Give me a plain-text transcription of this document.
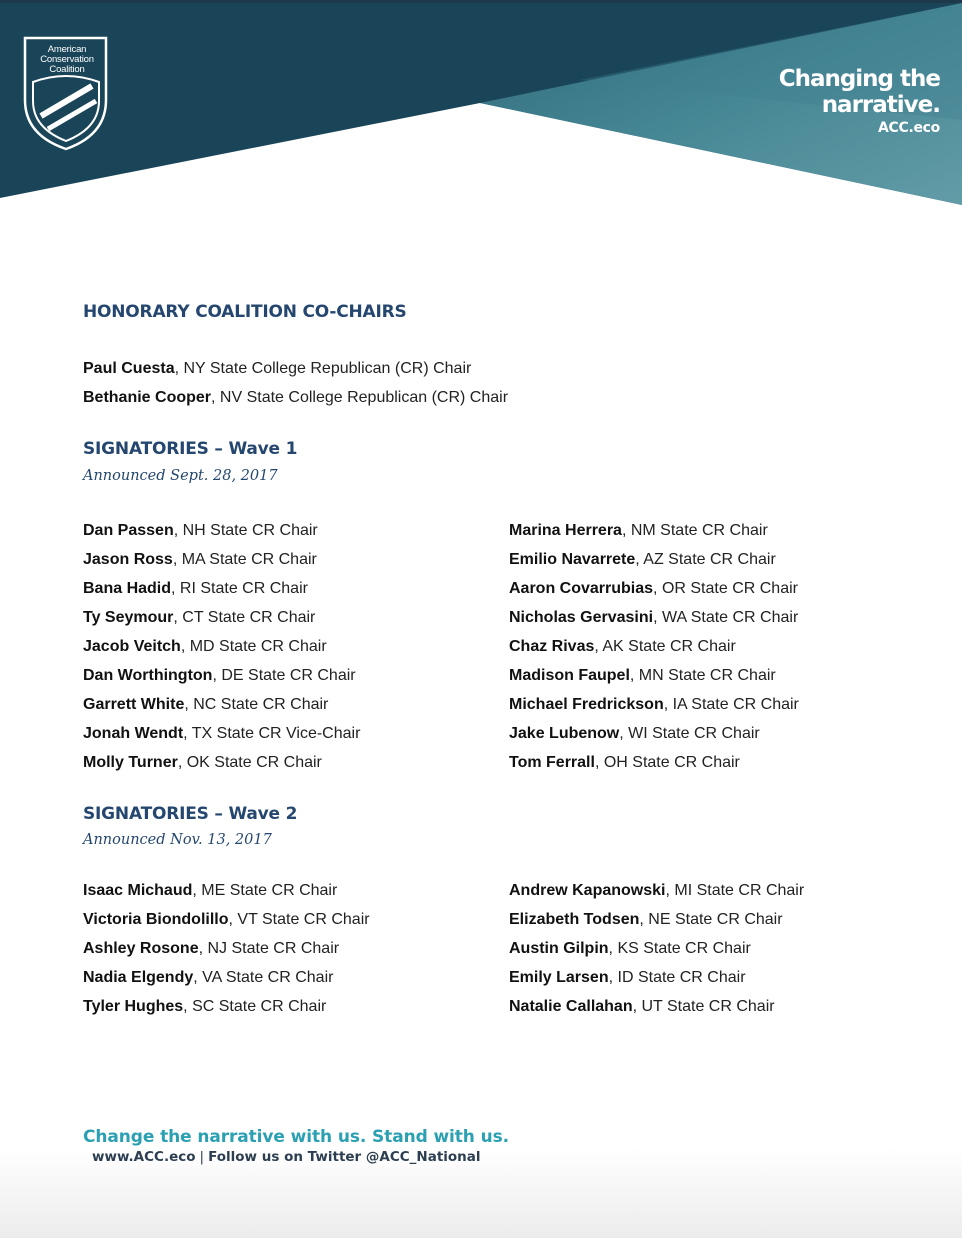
American
Conservation
Coalition	Changing the
narrative.
ACC.eco
HONORARY COALITION CO-CHAIRS
Paul Cuesta, NY State College Republican (CR) Chair
Bethanie Cooper, NV State College Republican (CR) Chair
SIGNATORIES – Wave 1
Announced Sept. 28, 2017
Dan Passen, NH State CR Chair
Jason Ross, MA State CR Chair
Bana Hadid, RI State CR Chair
Ty Seymour, CT State CR Chair
Jacob Veitch, MD State CR Chair
Dan Worthington, DE State CR Chair
Garrett White, NC State CR Chair
Jonah Wendt, TX State CR Vice-Chair
Molly Turner, OK State CR Chair
Marina Herrera, NM State CR Chair
Emilio Navarrete, AZ State CR Chair
Aaron Covarrubias, OR State CR Chair
Nicholas Gervasini, WA State CR Chair
Chaz Rivas, AK State CR Chair
Madison Faupel, MN State CR Chair
Michael Fredrickson, IA State CR Chair
Jake Lubenow, WI State CR Chair
Tom Ferrall, OH State CR Chair
SIGNATORIES – Wave 2
Announced Nov. 13, 2017
Isaac Michaud, ME State CR Chair
Victoria Biondolillo, VT State CR Chair
Ashley Rosone, NJ State CR Chair
Nadia Elgendy, VA State CR Chair
Tyler Hughes, SC State CR Chair
Andrew Kapanowski, MI State CR Chair
Elizabeth Todsen, NE State CR Chair
Austin Gilpin, KS State CR Chair
Emily Larsen, ID State CR Chair
Natalie Callahan, UT State CR Chair
Change the narrative with us. Stand with us.
www.ACC.eco | Follow us on Twitter @ACC_National
